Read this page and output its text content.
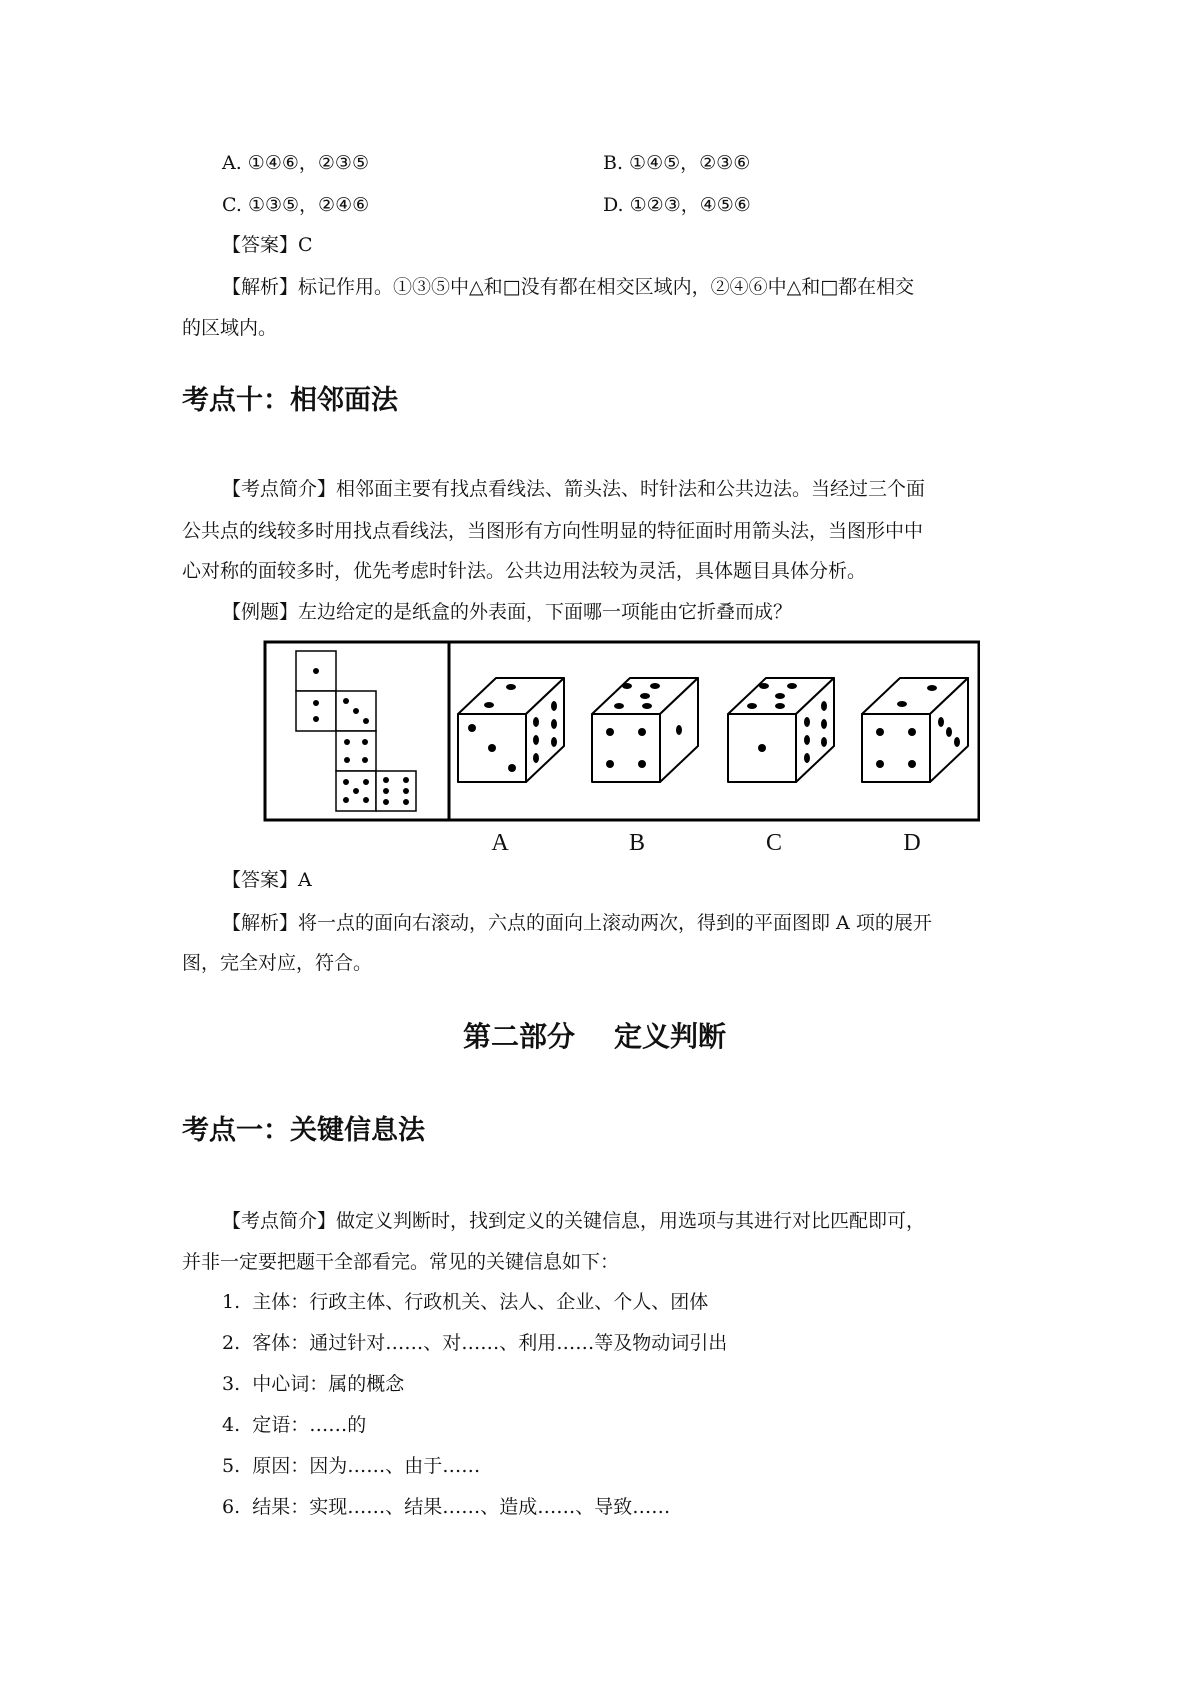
A. ①④⑥，②③⑤	B. ①④⑤，②③⑥
C. ①③⑤，②④⑥	D. ①②③，④⑤⑥
【答案】C
【解析】标记作用。①③⑤中△和□没有都在相交区域内，②④⑥中△和□都在相交
的区域内。
考点十：相邻面法
【考点简介】相邻面主要有找点看线法、箭头法、时针法和公共边法。当经过三个面
公共点的线较多时用找点看线法，当图形有方向性明显的特征面时用箭头法，当图形中中
心对称的面较多时，优先考虑时针法。公共边用法较为灵活，具体题目具体分析。
【例题】左边给定的是纸盒的外表面，下面哪一项能由它折叠而成？
A	B	C	D
【答案】A
【解析】将一点的面向右滚动，六点的面向上滚动两次，得到的平面图即 A 项的展开
图，完全对应，符合。
第二部分    定义判断
考点一：关键信息法
【考点简介】做定义判断时，找到定义的关键信息，用选项与其进行对比匹配即可，
并非一定要把题干全部看完。常见的关键信息如下：
1.  主体：行政主体、行政机关、法人、企业、个人、团体
2.  客体：通过针对……、对……、利用……等及物动词引出
3.  中心词：属的概念
4.  定语：……的
5.  原因：因为……、由于……
6.  结果：实现……、结果……、造成……、导致……
